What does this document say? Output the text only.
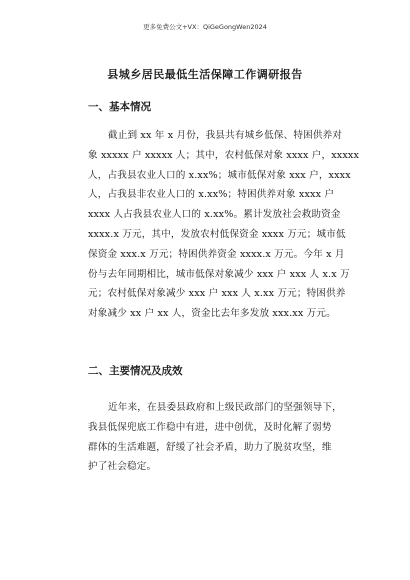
更多免费公文+VX：QiGeGongWen2024
县城乡居民最低生活保障工作调研报告
一、基本情况
截止到 xx 年 x 月份，我县共有城乡低保、特困供养对
象 xxxxx 户 xxxxx 人；其中，农村低保对象 xxxx 户，xxxxx
人，占我县农业人口的 x.xx%；城市低保对象 xxx 户，xxxx
人，占我县非农业人口的 x.xx%；特困供养对象 xxxx 户
xxxx 人占我县农业人口的 x.xx%。累计发放社会救助资金
xxxx.x 万元，其中，发放农村低保资金 xxxx 万元；城市低
保资金 xxx.x 万元；特困供养资金 xxxx.x 万元。今年 x 月
份与去年同期相比，城市低保对象减少 xxx 户 xxx 人 x.x 万
元；农村低保对象减少 xxx 户 xxx 人 x.xx 万元；特困供养
对象减少 xx 户 xx 人，资金比去年多发放 xxx.xx 万元。
二、主要情况及成效
近年来，在县委县政府和上级民政部门的坚强领导下，
我县低保兜底工作稳中有进，进中创优，及时化解了弱势
群体的生活难题，舒缓了社会矛盾，助力了脱贫攻坚，维
护了社会稳定。
